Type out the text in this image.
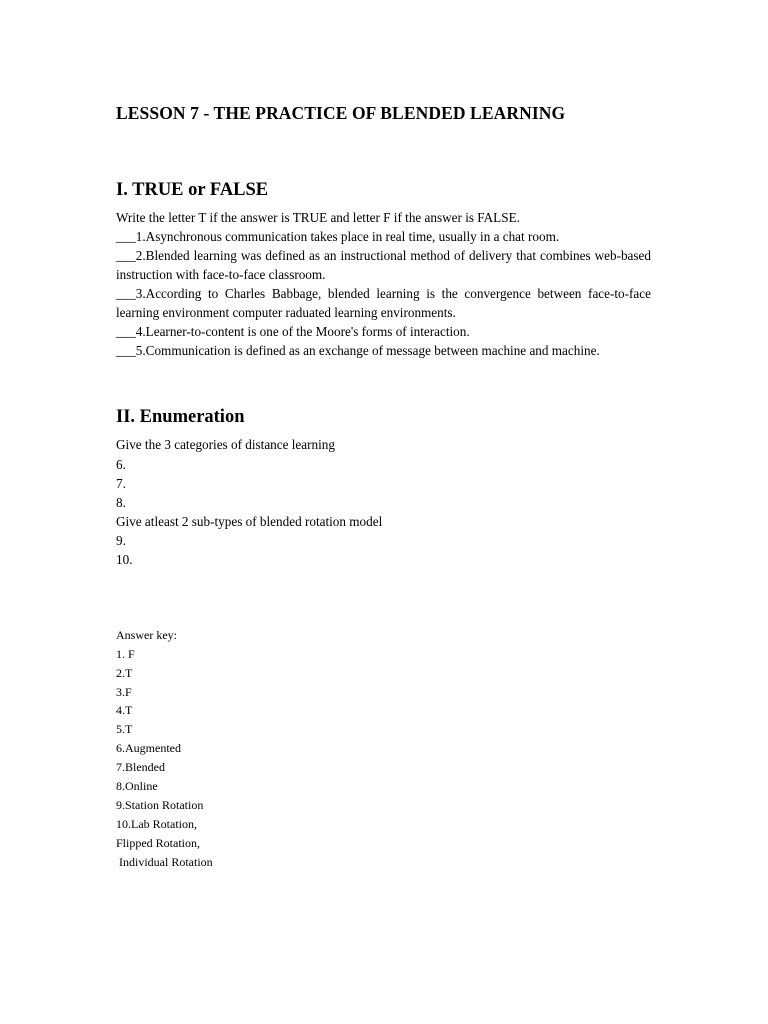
LESSON 7 - THE PRACTICE OF BLENDED LEARNING
I. TRUE or FALSE
Write the letter T if the answer is TRUE and letter F if the answer is FALSE.
___1.Asynchronous communication takes place in real time, usually in a chat room.
___2.Blended learning was defined as an instructional method of delivery that combines web-based instruction with face-to-face classroom.
___3.According to Charles Babbage, blended learning is the convergence between face-to-face learning environment computer raduated learning environments.
___4.Learner-to-content is one of the Moore's forms of interaction.
___5.Communication is defined as an exchange of message between machine and machine.
II. Enumeration
Give the 3 categories of distance learning
6.
7.
8.
Give atleast 2 sub-types of blended rotation model
9.
10.
Answer key:
1. F
2.T
3.F
4.T
5.T
6.Augmented
7.Blended
8.Online
9.Station Rotation
10.Lab Rotation,
Flipped Rotation,
Individual Rotation
